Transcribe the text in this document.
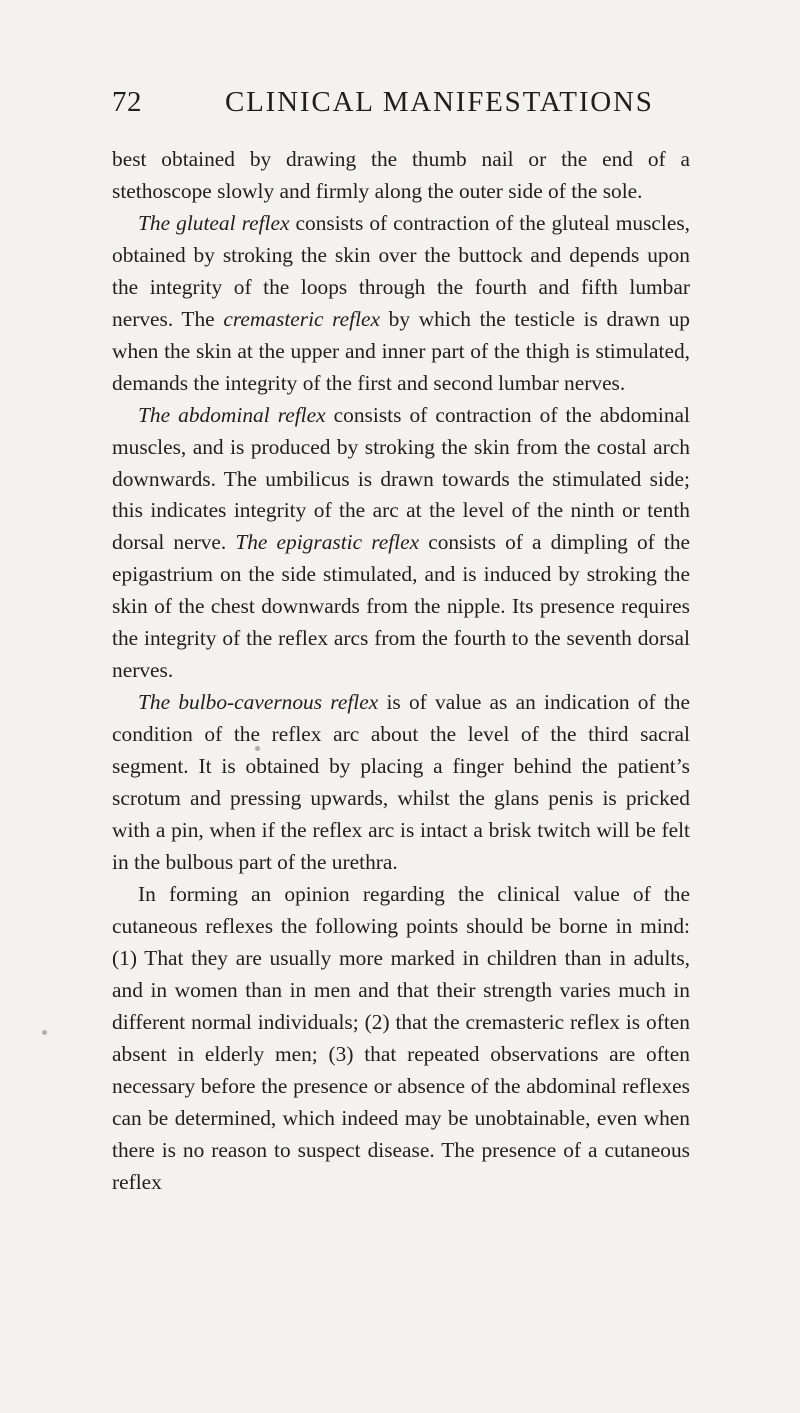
72	CLINICAL MANIFESTATIONS

best obtained by drawing the thumb nail or the end of a stethoscope slowly and firmly along the outer side of the sole.

The gluteal reflex consists of contraction of the gluteal muscles, obtained by stroking the skin over the buttock and depends upon the integrity of the loops through the fourth and fifth lumbar nerves. The cremasteric reflex by which the testicle is drawn up when the skin at the upper and inner part of the thigh is stimulated, demands the integrity of the first and second lumbar nerves.

The abdominal reflex consists of contraction of the abdominal muscles, and is produced by stroking the skin from the costal arch downwards. The umbilicus is drawn towards the stimulated side; this indicates integrity of the arc at the level of the ninth or tenth dorsal nerve. The epigrastic reflex consists of a dimpling of the epigastrium on the side stimulated, and is induced by stroking the skin of the chest downwards from the nipple. Its presence requires the integrity of the reflex arcs from the fourth to the seventh dorsal nerves.

The bulbo-cavernous reflex is of value as an indication of the condition of the reflex arc about the level of the third sacral segment. It is obtained by placing a finger behind the patient’s scrotum and pressing upwards, whilst the glans penis is pricked with a pin, when if the reflex arc is intact a brisk twitch will be felt in the bulbous part of the urethra.

In forming an opinion regarding the clinical value of the cutaneous reflexes the following points should be borne in mind: (1) That they are usually more marked in children than in adults, and in women than in men and that their strength varies much in different normal individuals; (2) that the cremasteric reflex is often absent in elderly men; (3) that repeated observations are often necessary before the presence or absence of the abdominal reflexes can be determined, which indeed may be unobtainable, even when there is no reason to suspect disease. The presence of a cutaneous reflex
